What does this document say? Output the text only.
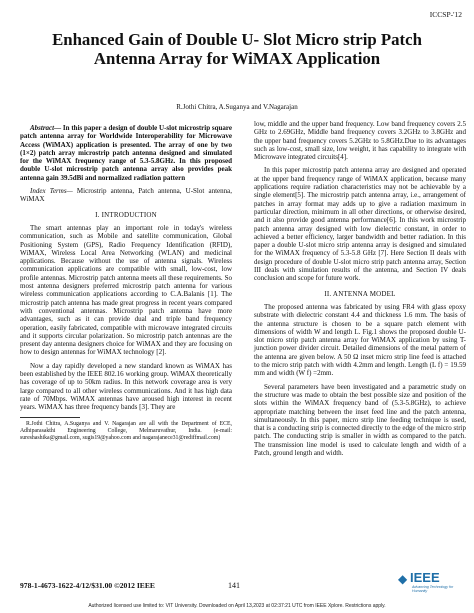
ICCSP-'12
Enhanced Gain of Double U- Slot Micro strip Patch Antenna Array for WiMAX Application
R.Jothi Chitra, A.Suganya and V.Nagarajan

Abstract— In this paper a design of double U-slot microstrip square patch antenna array for Worldwide Interoperability for Microwave Access (WiMAX) application is presented. The array of one by two (1×2) patch array microstrip patch antenna designed and simulated for the WiMAX frequency range of 5.3-5.8GHz. In this proposed double U-slot microstrip patch antenna array also provides peak antenna gain 39.5dBi and normalized radiation pattern

Index Terms— Microstrip antenna, Patch antenna, U-Slot antenna, WiMAX

I. INTRODUCTION

The smart antennas play an important role in today's wireless communication, such as Mobile and satellite communication, Global Positioning System (GPS), Radio Frequency Identification (RFID), WiMAX, Wireless Local Area Networking (WLAN) and medicinal applications. Because without the use of antenna signals. Wireless communication applications are compatible with small, low-cost, low profile antennas. Microstrip patch antenna meets all these requirements. So most antenna designers preferred microstrip patch antenna for various wireless communication applications according to C.A.Balanis [1]. The microstrip patch antenna has made great progress in recent years compared with conventional antennas. Microstrip patch antenna have more advantages, such as it can provide dual and triple band frequency operation, easily fabricated, compatible with microwave integrated circuits and it supports circular polarization. So microstrip patch antennas are the present day antenna designers choice for WiMAX and they are focusing on how to design antennas for WiMAX technology [2].

Now a day rapidly developed a new standard known as WiMAX has been established by the IEEE 802.16 working group. WiMAX theoretically has coverage of up to 50km radius. In this network coverage area is very large compared to all other wireless communications. And it has high data rate of 70Mbps. WiMAX antennas have aroused high interest in recent years. WiMAX has three frequency bands [3]. They are

R.Jothi Chitra, A.Suganya and V. Nagarajan are all with the Department of ECE, Adhiparasakthi Engineering College, Melmaruvathur, India. (e-mail: sureshashika@gmail.com, sugis19@yahoo.com and nagarajanece31@rediffmail.com)

low, middle and the upper band frequency. Low band frequency covers 2.5 GHz to 2.69GHz, Middle band frequency covers 3.2GHz to 3.8GHz and the upper band frequency covers 5.2GHz to 5.8GHz.Due to its advantages such as low-cost, small size, low weight, it has capability to integrate with Microwave integrated circuits[4].

In this paper microstrip patch antenna array are designed and operated at the upper band frequency range of WiMAX application, because many applications require radiation characteristics may not be achievable by a single element[5]. The microstrip patch antenna array, i.e., arrangement of patches in array format may adds up to give a radiation maximum in particular direction, minimum in all other directions, or otherwise desired, and it also provide good antenna performance[6]. In this work microstrip patch antenna array designed with low dielectric constant, in order to achieved a better efficiency, larger bandwidth and better radiation. In this paper a double U-slot micro strip antenna array is designed and simulated for the WiMAX frequency of 5.3-5.8 GHz [7]. Here Section II deals with design procedure of double U-slot micro strip patch antenna array, Section III deals with simulation results of the antenna, and Section IV deals conclusion and scope for future work.

II. ANTENNA MODEL

The proposed antenna was fabricated by using FR4 with glass epoxy substrate with dielectric constant 4.4 and thickness 1.6 mm. The basis of the antenna structure is chosen to be a square patch element with dimensions of width W and length L. Fig.1 shows the proposed double U-slot micro strip patch antenna array for WiMAX application by using T-junction power divider circuit. Detailed dimensions of the metal pattern of the antenna are given below. A 50 Ω inset micro strip line feed is attached to the micro strip patch with width 4.2mm and length. Length (L f) = 19.59 mm and width (W f) =2mm.

Several parameters have been investigated and a parametric study on the structure was made to obtain the best possible size and position of the slots within the WiMAX frequency band of (5.3-5.8GHz), to achieve appropriate matching between the inset feed line and the patch antenna, simultaneously. In this paper, micro strip line feeding technique is used, that is a conducting strip is connected directly to the edge of the micro strip patch. The conducting strip is smaller in width as compared to the patch. The transmission line model is used to calculate length and width of a Patch, ground length and width.

978-1-4673-1622-4/12/$31.00 ©2012 IEEE	141	◆ IEEE
Advancing Technology for Humanity
Authorized licensed use limited to: VIT University. Downloaded on April 13,2023 at 02:37:21 UTC from IEEE Xplore. Restrictions apply.
